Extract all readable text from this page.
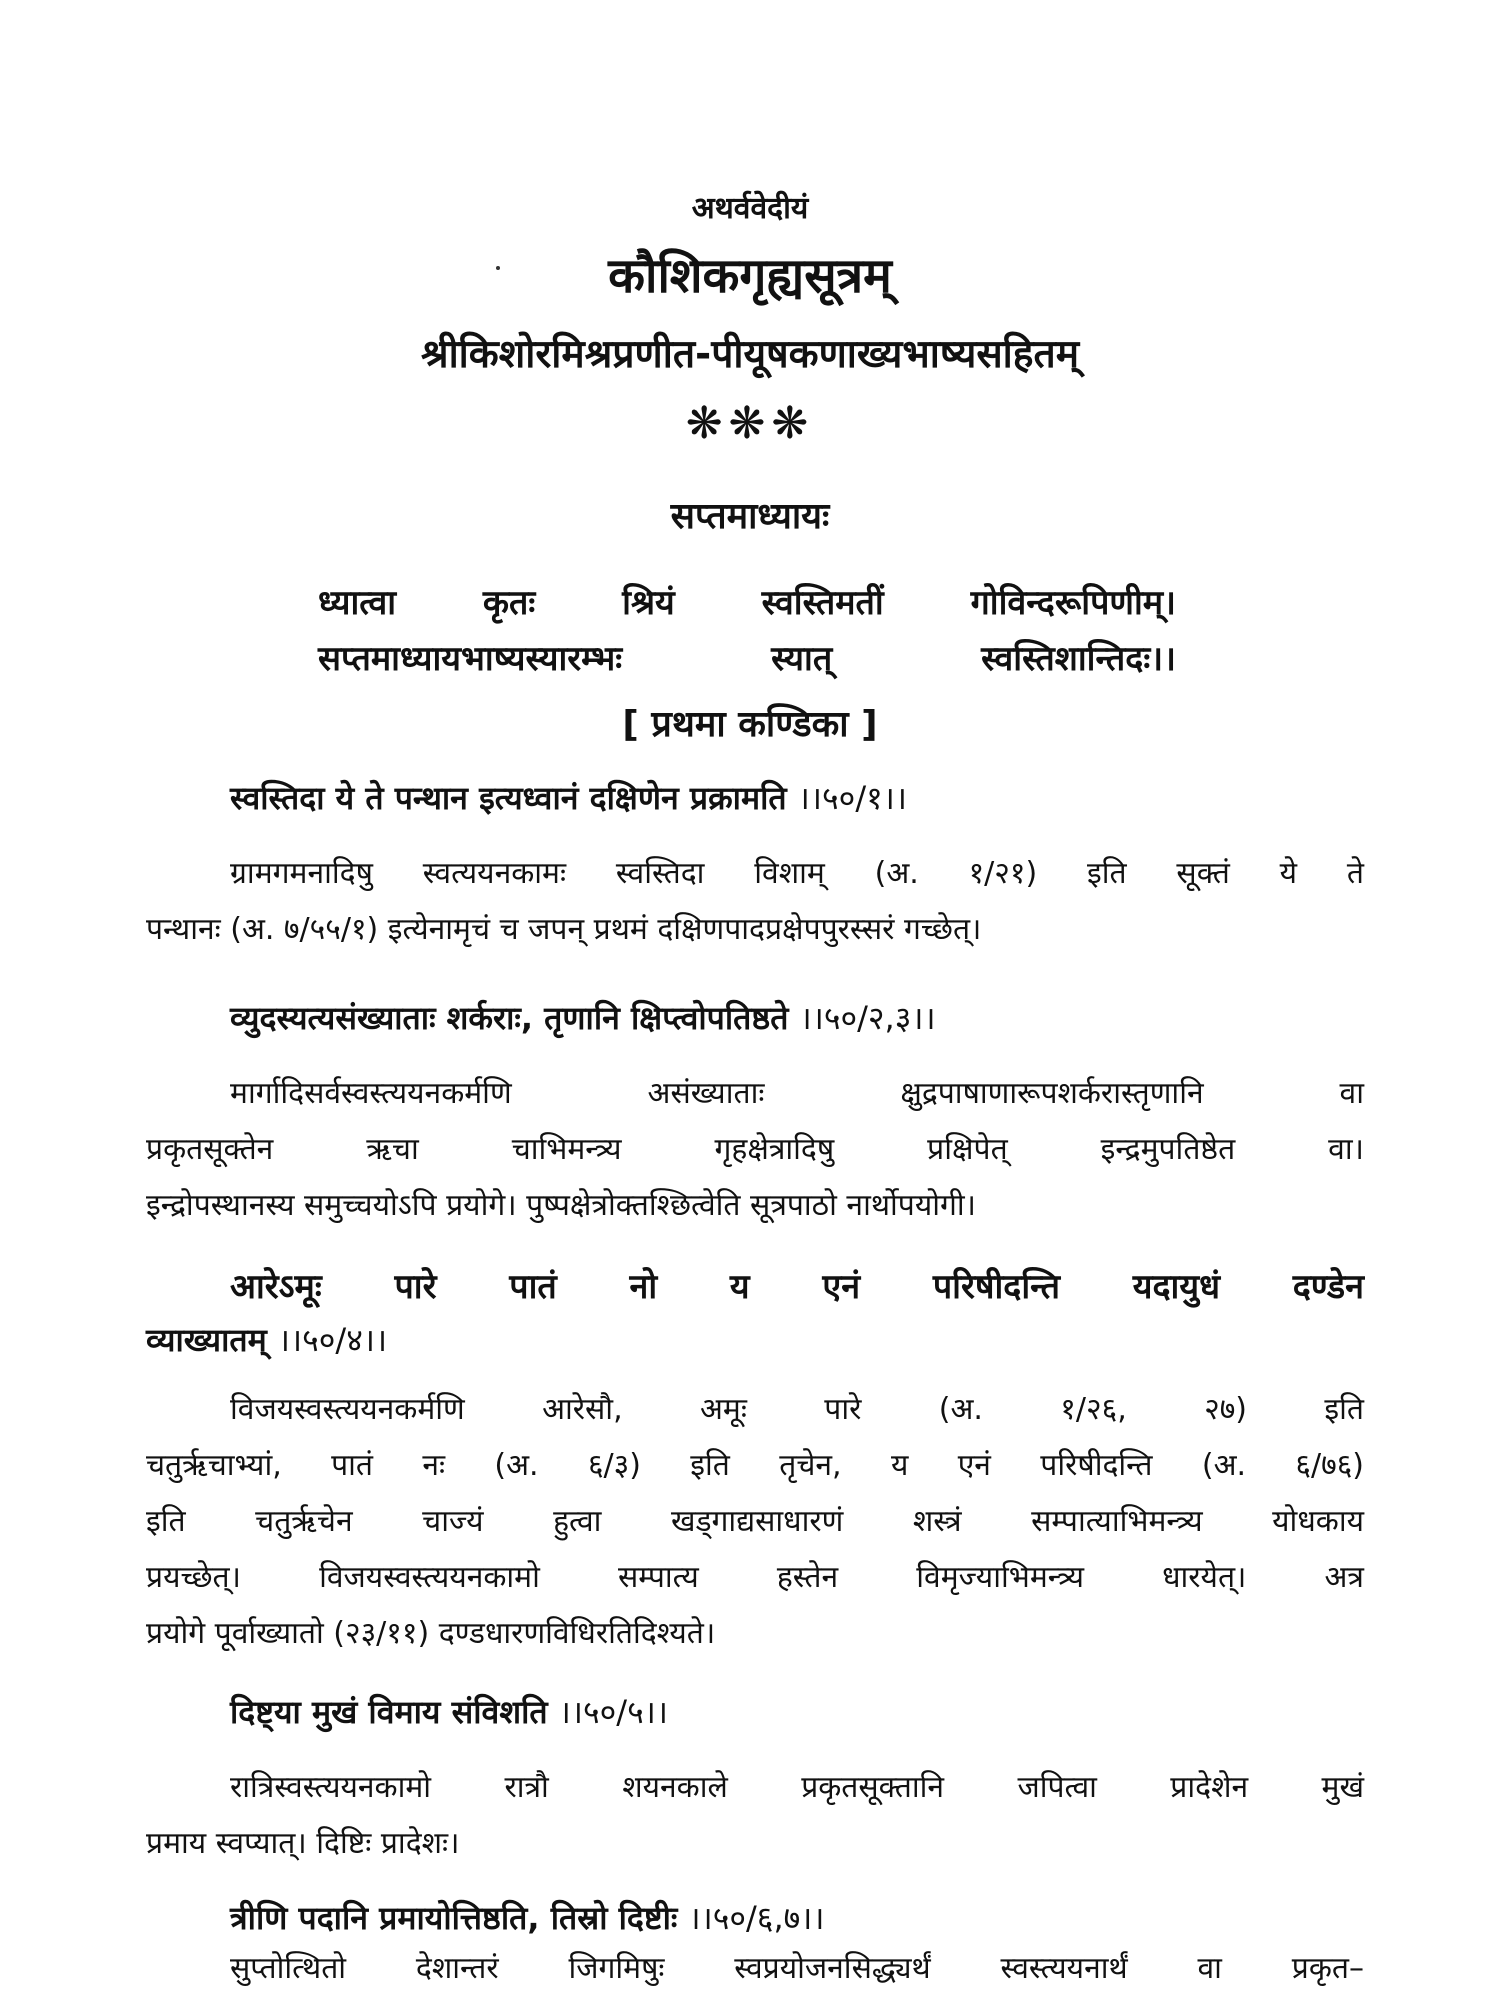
अथर्ववेदीयं
कौशिकगृह्यसूत्रम्
श्रीकिशोरमिश्रप्रणीत-पीयूषकणाख्यभाष्यसहितम्
❋❋❋
सप्तमाध्यायः
ध्यात्वा कृतः श्रियं स्वस्तिमतीं गोविन्दरूपिणीम्।
सप्तमाध्यायभाष्यस्यारम्भः स्यात् स्वस्तिशान्तिदः।।
[ प्रथमा कण्डिका ]
स्वस्तिदा ये ते पन्थान इत्यध्वानं दक्षिणेन प्रक्रामति ।।५०/१।।
ग्रामगमनादिषु स्वत्ययनकामः स्वस्तिदा विशाम् (अ. १/२१) इति सूक्तं ये ते
पन्थानः (अ. ७/५५/१) इत्येनामृचं च जपन् प्रथमं दक्षिणपादप्रक्षेपपुरस्सरं गच्छेत्।
व्युदस्यत्यसंख्याताः शर्कराः, तृणानि क्षिप्त्वोपतिष्ठते ।।५०/२,३।।
मार्गादिसर्वस्वस्त्ययनकर्मणि असंख्याताः क्षुद्रपाषाणारूपशर्करास्तृणानि वा
प्रकृतसूक्तेन ऋचा चाभिमन्त्र्य गृहक्षेत्रादिषु प्रक्षिपेत् इन्द्रमुपतिष्ठेत वा।
इन्द्रोपस्थानस्य समुच्चयोऽपि प्रयोगे। पुष्पक्षेत्रोक्तश्छित्वेति सूत्रपाठो नार्थोपयोगी।
आरेऽमूः पारे पातं नो य एनं परिषीदन्ति यदायुधं दण्डेन
व्याख्यातम् ।।५०/४।।
विजयस्वस्त्ययनकर्मणि आरेसौ, अमूः पारे (अ. १/२६, २७) इति
चतुर्ऋचाभ्यां, पातं नः (अ. ६/३) इति तृचेन, य एनं परिषीदन्ति (अ. ६/७६)
इति चतुर्ऋचेन चाज्यं हुत्वा खड्गाद्यसाधारणं शस्त्रं सम्पात्याभिमन्त्र्य योधकाय
प्रयच्छेत्। विजयस्वस्त्ययनकामो सम्पात्य हस्तेन विमृज्याभिमन्त्र्य धारयेत्। अत्र
प्रयोगे पूर्वाख्यातो (२३/११) दण्डधारणविधिरतिदिश्यते।
दिष्ट्या मुखं विमाय संविशति ।।५०/५।।
रात्रिस्वस्त्ययनकामो रात्रौ शयनकाले प्रकृतसूक्तानि जपित्वा प्रादेशेन मुखं
प्रमाय स्वप्यात्। दिष्टिः प्रादेशः।
त्रीणि पदानि प्रमायोत्तिष्ठति, तिस्रो दिष्टीः ।।५०/६,७।।
सुप्तोत्थितो देशान्तरं जिगमिषुः स्वप्रयोजनसिद्ध्यर्थं स्वस्त्ययनार्थं वा प्रकृत–
